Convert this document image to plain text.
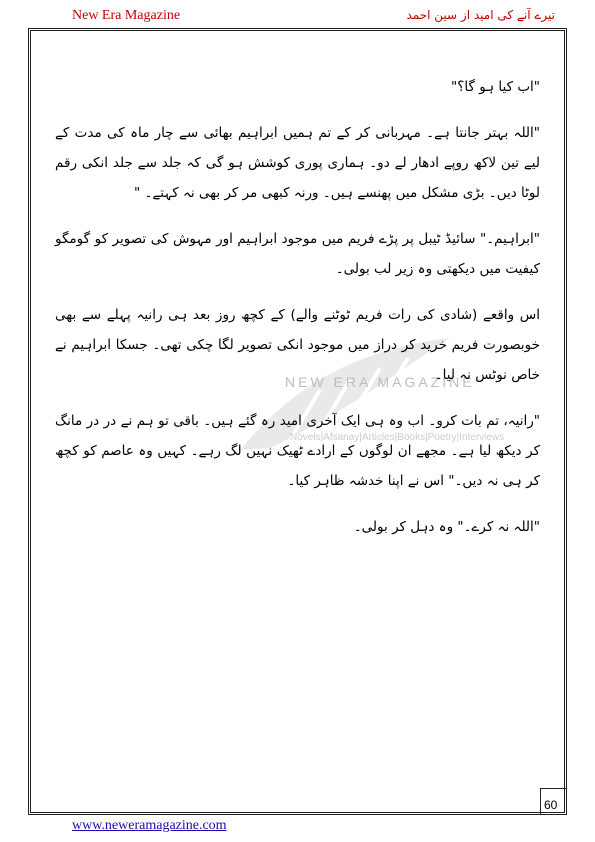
New Era Magazine	تیرے آنے کی امید از سین احمد
NEW ERA MAGAZINE
Novels|Afsanay|Articles|Books|Poetry|Interviews

"اب کیا ہو گا؟"

"اللہ بہتر جانتا ہے۔ مہربانی کر کے تم ہمیں ابراہیم بھائی سے چار ماہ کی مدت کے لیے تین لاکھ روپے ادھار لے دو۔ ہماری پوری کوشش ہو گی کہ جلد سے جلد انکی رقم لوٹا دیں۔ بڑی مشکل میں پھنسے ہیں۔ ورنہ کبھی مر کر بھی نہ کہتے۔ "

"ابراہیم۔" سائیڈ ٹیبل پر پڑے فریم میں موجود ابراہیم اور مہوش کی تصویر کو گومگو کیفیت میں دیکھتی وہ زیر لب بولی۔

اس واقعے (شادی کی رات فریم ٹوٹنے والے) کے کچھ روز بعد ہی رانیہ پہلے سے بھی خوبصورت فریم خرید کر دراز میں موجود انکی تصویر لگا چکی تھی۔ جسکا ابراہیم نے خاص نوٹس نہ لیا۔

"رانیہ، تم بات کرو۔ اب وہ ہی ایک آخری امید رہ گئے ہیں۔ باقی تو ہم نے در در مانگ کر دیکھ لیا ہے۔ مجھے ان لوگوں کے ارادے ٹھیک نہیں لگ رہے۔ کہیں وہ عاصم کو کچھ کر ہی نہ دیں۔" اس نے اپنا خدشہ ظاہر کیا۔

"اللہ نہ کرے۔" وہ دہل کر بولی۔

60
www.neweramagazine.com
